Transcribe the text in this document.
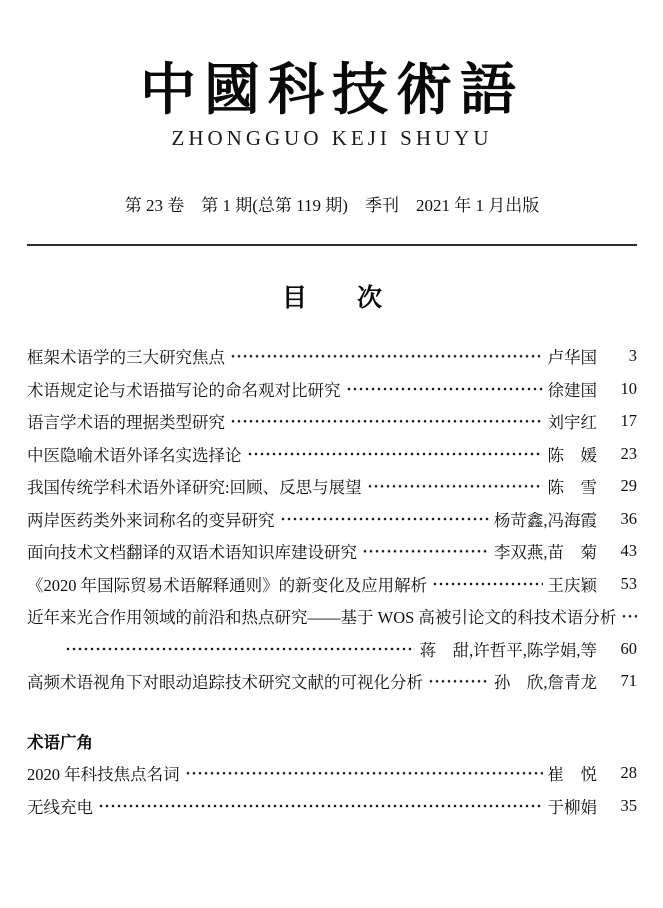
中國科技術語
ZHONGGUO KEJI SHUYU
第 23 卷　第 1 期(总第 119 期)　季刊　2021 年 1 月出版
目　　次
框架术语学的三大研究焦点	卢华国	3
术语规定论与术语描写论的命名观对比研究	徐建国	10
语言学术语的理据类型研究	刘宇红	17
中医隐喻术语外译名实选择论	陈　媛	23
我国传统学科术语外译研究:回顾、反思与展望	陈　雪	29
两岸医药类外来词称名的变异研究	杨苛鑫,冯海霞	36
面向技术文档翻译的双语术语知识库建设研究	李双燕,苗　菊	43
《2020 年国际贸易术语解释通则》的新变化及应用解析	王庆颖	53
近年来光合作用领域的前沿和热点研究——基于 WOS 高被引论文的科技术语分析
蒋　甜,许哲平,陈学娟,等	60
高频术语视角下对眼动追踪技术研究文献的可视化分析	孙　欣,詹青龙	71
术语广角
2020 年科技焦点名词	崔　悦	28
无线充电	于柳娟	35
